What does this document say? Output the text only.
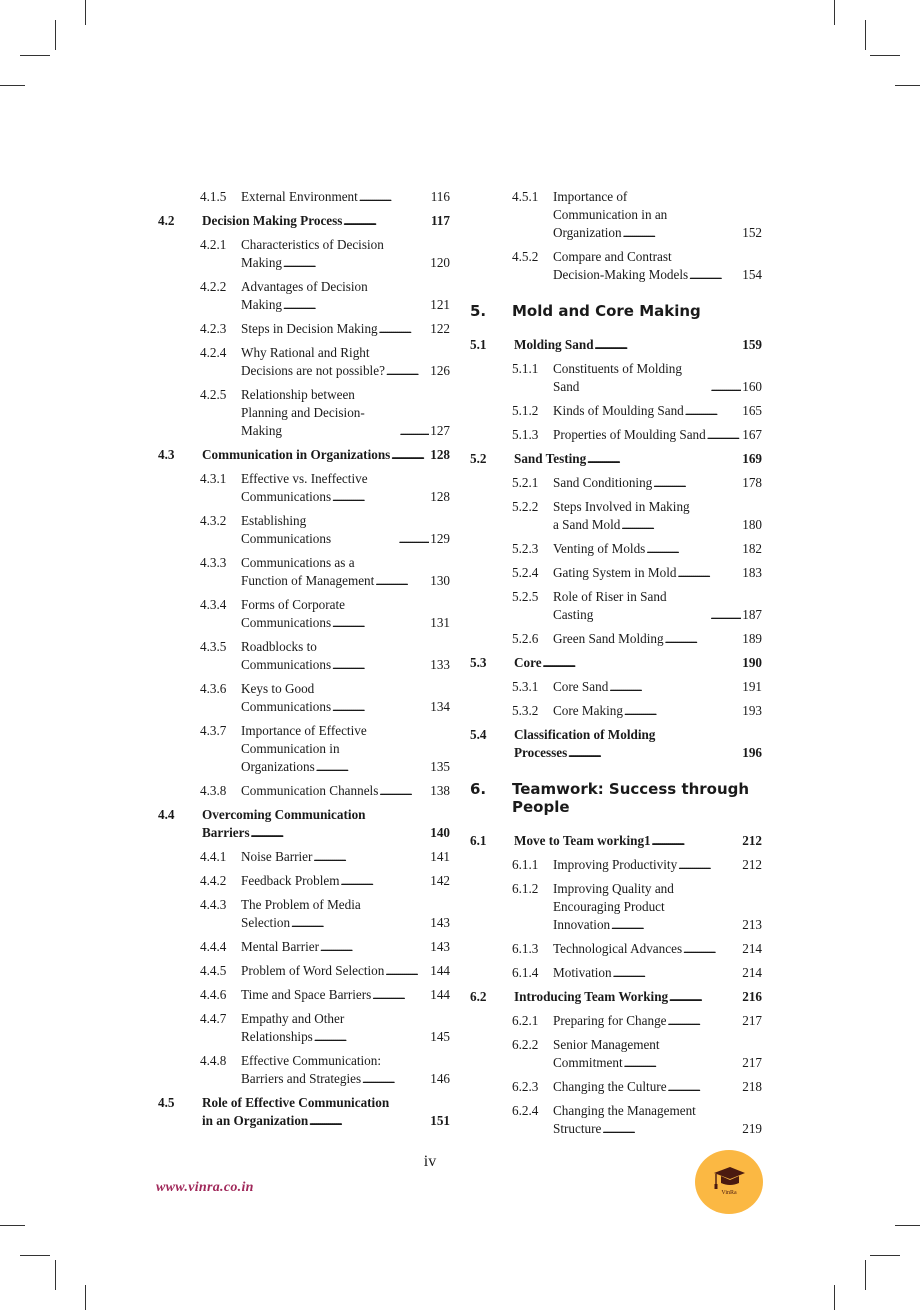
4.1.5 External Environment . . .	116
4.2 Decision Making Process . . .	117
4.2.1 Characteristics of Decision
Making . . .	120
4.2.2 Advantages of Decision
Making . . .	121
4.2.3 Steps in Decision Making . . .	122
4.2.4 Why Rational and Right
Decisions are not possible? . . .	126
4.2.5 Relationship between
Planning and Decision-Making . . .	127
4.3 Communication in Organizations . . .	128
4.3.1 Effective vs. Ineffective
Communications . . .	128
4.3.2 Establishing Communications . . .	129
4.3.3 Communications as a
Function of Management . . .	130
4.3.4 Forms of Corporate
Communications . . .	131
4.3.5 Roadblocks to
Communications . . .	133
4.3.6 Keys to Good
Communications . . .	134
4.3.7 Importance of Effective
Communication in
Organizations . . .	135
4.3.8 Communication Channels . . .	138
4.4 Overcoming Communication
Barriers . . .	140
4.4.1 Noise Barrier . . .	141
4.4.2 Feedback Problem . . .	142
4.4.3 The Problem of Media
Selection . . .	143
4.4.4 Mental Barrier . . .	143
4.4.5 Problem of Word Selection . . .	144
4.4.6 Time and Space Barriers . . .	144
4.4.7 Empathy and Other
Relationships . . .	145
4.4.8 Effective Communication:
Barriers and Strategies . . .	146
4.5 Role of Effective Communication
in an Organization . . .	151
4.5.1 Importance of
Communication in an
Organization . . .	152
4.5.2 Compare and Contrast
Decision-Making Models . . .	154
5. Mold and Core Making
5.1 Molding Sand . . .	159
5.1.1 Constituents of Molding Sand . . .	160
5.1.2 Kinds of Moulding Sand . . .	165
5.1.3 Properties of Moulding Sand . . .	167
5.2 Sand Testing . . .	169
5.2.1 Sand Conditioning . . .	178
5.2.2 Steps Involved in Making
a Sand Mold . . .	180
5.2.3 Venting of Molds . . .	182
5.2.4 Gating System in Mold . . .	183
5.2.5 Role of Riser in Sand Casting . . .	187
5.2.6 Green Sand Molding . . .	189
5.3 Core . . .	190
5.3.1 Core Sand . . .	191
5.3.2 Core Making . . .	193
5.4 Classification of Molding
Processes . . .	196
6. Teamwork: Success through
People
6.1 Move to Team working1 . . .	212
6.1.1 Improving Productivity . . .	212
6.1.2 Improving Quality and
Encouraging Product
Innovation . . .	213
6.1.3 Technological Advances . . .	214
6.1.4 Motivation . . .	214
6.2 Introducing Team Working . . .	216
6.2.1 Preparing for Change . . .	217
6.2.2 Senior Management
Commitment . . .	217
6.2.3 Changing the Culture . . .	218
6.2.4 Changing the Management
Structure . . .	219
iv
www.vinra.co.in	VinRa
